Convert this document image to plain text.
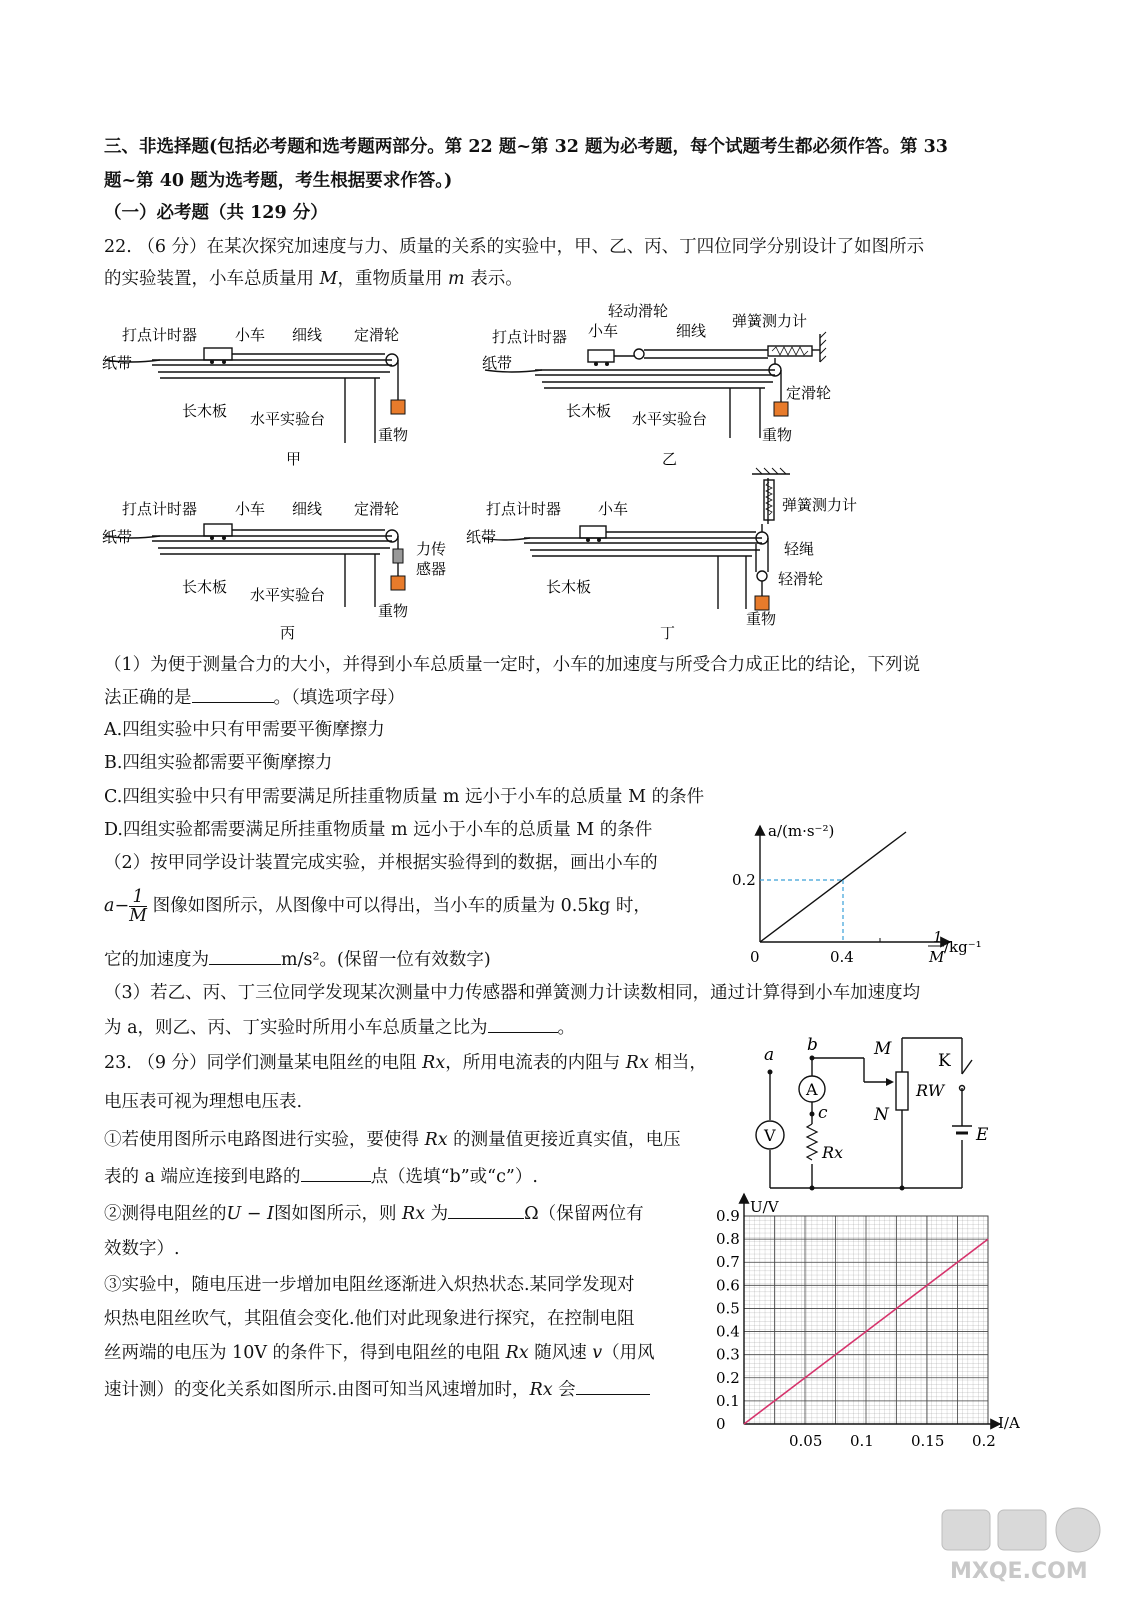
三、非选择题(包括必考题和选考题两部分。第 22 题~第 32 题为必考题，每个试题考生都必须作答。第 33
题~第 40 题为选考题，考生根据要求作答。)
（一）必考题（共 129 分）
22. （6 分）在某次探究加速度与力、质量的关系的实验中，甲、乙、丙、丁四位同学分别设计了如图所示
的实验装置，小车总质量用 M，重物质量用 m 表示。
打点计时器	小车 细线 定滑轮
纸带
长木板 水平实验台
重物
甲
轻动滑轮
弹簧测力计
打点计时器 小车	细线
纸带
定滑轮
长木板 水平实验台
重物
乙
打点计时器	小车 细线 定滑轮
纸带
力传
感器
长木板 水平实验台
重物
丙
打点计时器 小车	弹簧测力计
纸带
轻绳
轻滑轮
长木板
重物
丁
（1）为便于测量合力的大小，并得到小车总质量一定时，小车的加速度与所受合力成正比的结论，下列说
法正确的是	。（填选项字母）
A.四组实验中只有甲需要平衡摩擦力
B.四组实验都需要平衡摩擦力
C.四组实验中只有甲需要满足所挂重物质量 m 远小于小车的总质量 M 的条件
D.四组实验都需要满足所挂重物质量 m 远小于小车的总质量 M 的条件
（2）按甲同学设计装置完成实验，并根据实验得到的数据，画出小车的
$a- \frac{1}{M}$ 图像如图所示，从图像中可以得出，当小车的质量为 0.5kg 时，
它的加速度为	m/s²。(保留一位有效数字)
（3）若乙、丙、丁三位同学发现某次测量中力传感器和弹簧测力计读数相同，通过计算得到小车加速度均
为 a，则乙、丙、丁实验时所用小车总质量之比为	。
a/(m·s⁻²)
0.2
0	0.4
1
M
/kg⁻¹
23. （9 分）同学们测量某电阻丝的电阻 Rx，所用电流表的内阻与 Rx 相当，
电压表可视为理想电压表.
①若使用图所示电路图进行实验，要使得 Rx 的测量值更接近真实值，电压
表的 a 端应连接到电路的	点（选填“b”或“c”）.
②测得电阻丝的U − I图如图所示，则 Rx 为	Ω（保留两位有
效数字）.
③实验中，随电压进一步增加电阻丝逐渐进入炽热状态.某同学发现对
炽热电阻丝吹气，其阻值会变化.他们对此现象进行探究，在控制电阻
丝两端的电压为 10V 的条件下，得到电阻丝的电阻 Rx 随风速 v（用风
速计测）的变化关系如图所示.由图可知当风速增加时，Rx 会
V
A
a b
c
M
N
K
E
RW
Rx
0.9
0.8
0.7
0.6
0.5
0.4
0.3
0.2
0.1
0
0.05 0.1 0.15 0.2
U/V
I/A
MXQE.COM
